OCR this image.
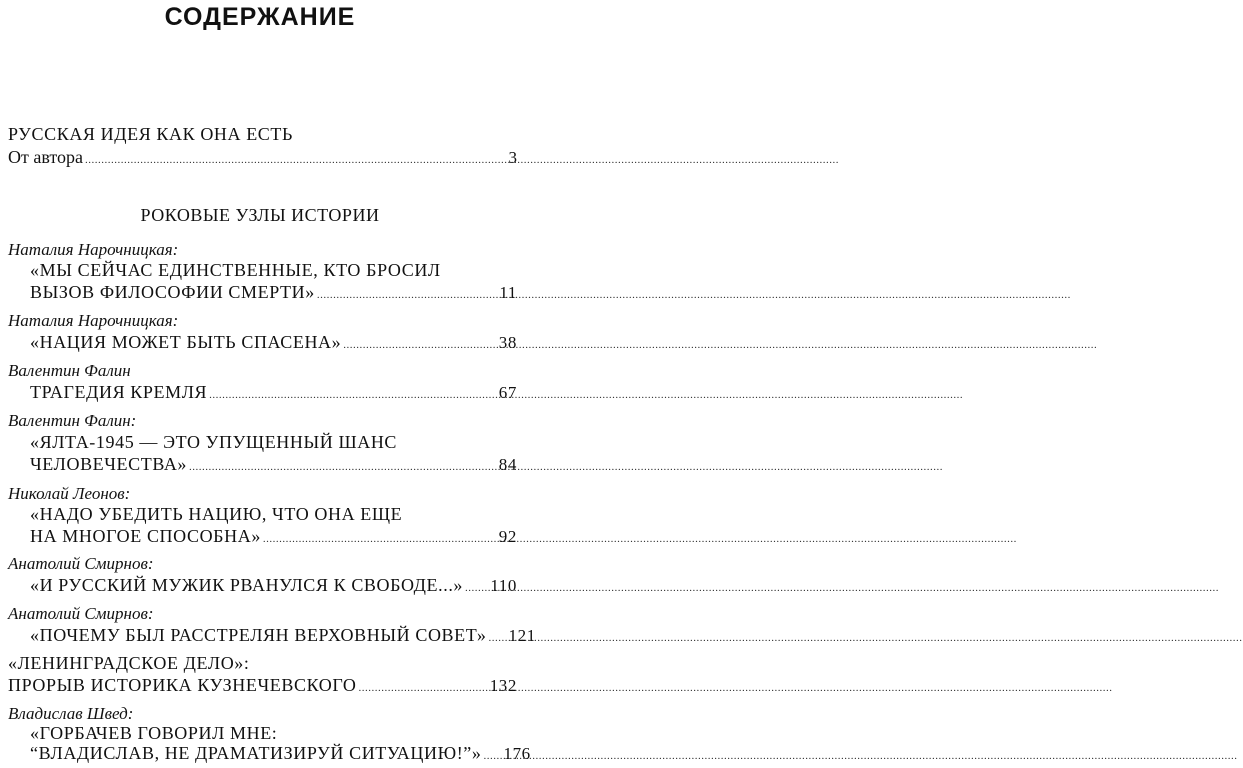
СОДЕРЖАНИЕ
РУССКАЯ ИДЕЯ КАК ОНА ЕСТЬ
От автора .....	3
РОКОВЫЕ УЗЛЫ ИСТОРИИ
Наталия Нарочницкая:
«МЫ СЕЙЧАС ЕДИНСТВЕННЫЕ, КТО БРОСИЛ
ВЫЗОВ ФИЛОСОФИИ СМЕРТИ» .....	11
Наталия Нарочницкая:
«НАЦИЯ МОЖЕТ БЫТЬ СПАСЕНА» .....	38
Валентин Фалин
ТРАГЕДИЯ КРЕМЛЯ .....	67
Валентин Фалин:
«ЯЛТА-1945 — ЭТО УПУЩЕННЫЙ ШАНС
ЧЕЛОВЕЧЕСТВА» .....	84
Николай Леонов:
«НАДО УБЕДИТЬ НАЦИЮ, ЧТО ОНА ЕЩЕ
НА МНОГОЕ СПОСОБНА» .....	92
Анатолий Смирнов:
«И РУССКИЙ МУЖИК РВАНУЛСЯ К СВОБОДЕ...» ..... 110
Анатолий Смирнов:
«ПОЧЕМУ БЫЛ РАССТРЕЛЯН ВЕРХОВНЫЙ СОВЕТ» ..... 121
«ЛЕНИНГРАДСКОЕ ДЕЛО»:
ПРОРЫВ ИСТОРИКА КУЗНЕЧЕВСКОГО .....	132
Владислав Швед:
«ГОРБАЧЕВ ГОВОРИЛ МНЕ:
“ВЛАДИСЛАВ, НЕ ДРАМАТИЗИРУЙ СИТУАЦИЮ!”» ..... 176
